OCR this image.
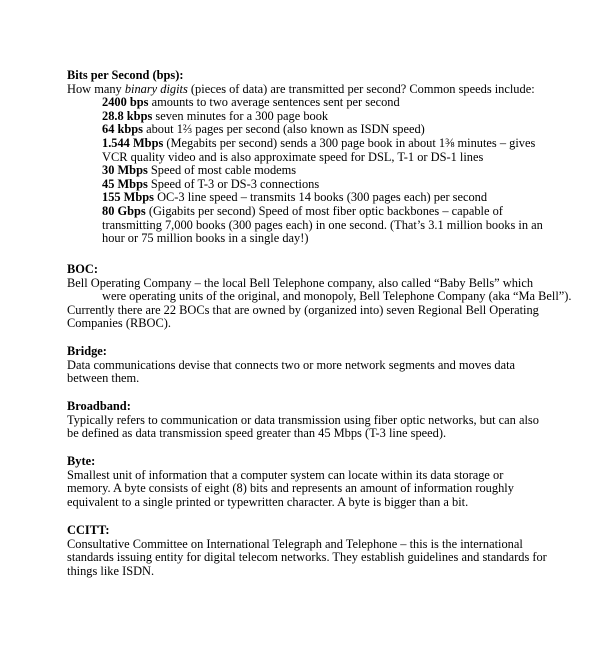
Bits per Second (bps):
How many binary digits (pieces of data) are transmitted per second? Common speeds include:
2400 bps amounts to two average sentences sent per second
28.8 kbps seven minutes for a 300 page book
64 kbps about 1⅔ pages per second (also known as ISDN speed)
1.544 Mbps (Megabits per second) sends a 300 page book in about 1⅜ minutes – gives
VCR quality video and is also approximate speed for DSL, T-1 or DS-1 lines
30 Mbps Speed of most cable modems
45 Mbps Speed of T-3 or DS-3 connections
155 Mbps OC-3 line speed – transmits 14 books (300 pages each) per second
80 Gbps (Gigabits per second) Speed of most fiber optic backbones – capable of
transmitting 7,000 books (300 pages each) in one second. (That’s 3.1 million books in an
hour or 75 million books in a single day!)
BOC:
Bell Operating Company – the local Bell Telephone company, also called “Baby Bells” which
were operating units of the original, and monopoly, Bell Telephone Company (aka “Ma Bell”).
Currently there are 22 BOCs that are owned by (organized into) seven Regional Bell Operating
Companies (RBOC).
Bridge:
Data communications devise that connects two or more network segments and moves data
between them.
Broadband:
Typically refers to communication or data transmission using fiber optic networks, but can also
be defined as data transmission speed greater than 45 Mbps (T-3 line speed).
Byte:
Smallest unit of information that a computer system can locate within its data storage or
memory. A byte consists of eight (8) bits and represents an amount of information roughly
equivalent to a single printed or typewritten character. A byte is bigger than a bit.
CCITT:
Consultative Committee on International Telegraph and Telephone – this is the international
standards issuing entity for digital telecom networks. They establish guidelines and standards for
things like ISDN.
